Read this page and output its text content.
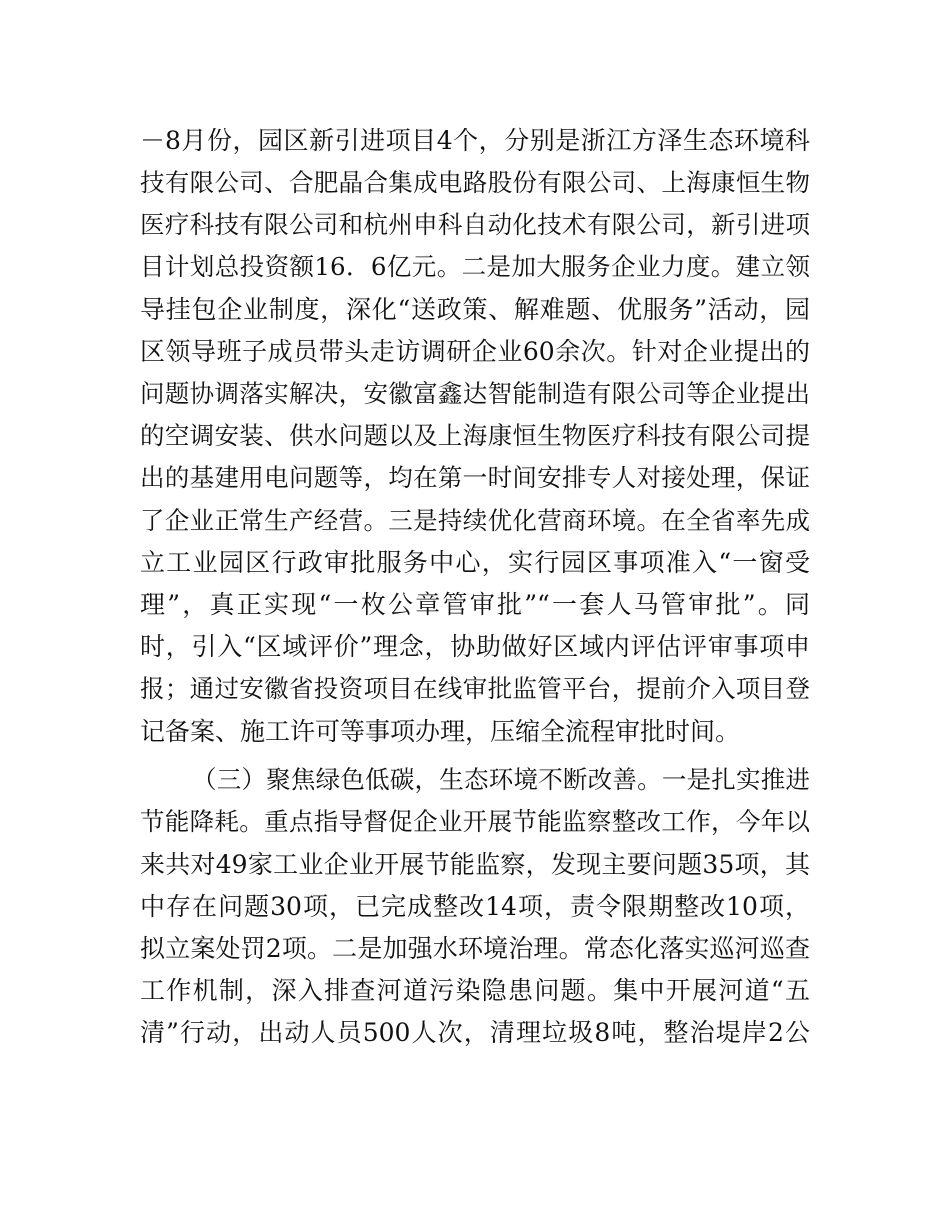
－8月份，园区新引进项目4个，分别是浙江方泽生态环境科
技有限公司、合肥晶合集成电路股份有限公司、上海康恒生物
医疗科技有限公司和杭州申科自动化技术有限公司，新引进项
目计划总投资额16．6亿元。二是加大服务企业力度。建立领
导挂包企业制度，深化“送政策、解难题、优服务”活动，园
区领导班子成员带头走访调研企业60余次。针对企业提出的
问题协调落实解决，安徽富鑫达智能制造有限公司等企业提出
的空调安装、供水问题以及上海康恒生物医疗科技有限公司提
出的基建用电问题等，均在第一时间安排专人对接处理，保证
了企业正常生产经营。三是持续优化营商环境。在全省率先成
立工业园区行政审批服务中心，实行园区事项准入“一窗受
理”，真正实现“一枚公章管审批”“一套人马管审批”。同
时，引入“区域评价”理念，协助做好区域内评估评审事项申
报；通过安徽省投资项目在线审批监管平台，提前介入项目登
记备案、施工许可等事项办理，压缩全流程审批时间。
（三）聚焦绿色低碳，生态环境不断改善。一是扎实推进
节能降耗。重点指导督促企业开展节能监察整改工作，今年以
来共对49家工业企业开展节能监察，发现主要问题35项，其
中存在问题30项，已完成整改14项，责令限期整改10项，
拟立案处罚2项。二是加强水环境治理。常态化落实巡河巡查
工作机制，深入排查河道污染隐患问题。集中开展河道“五
清”行动，出动人员500人次，清理垃圾8吨，整治堤岸2公
